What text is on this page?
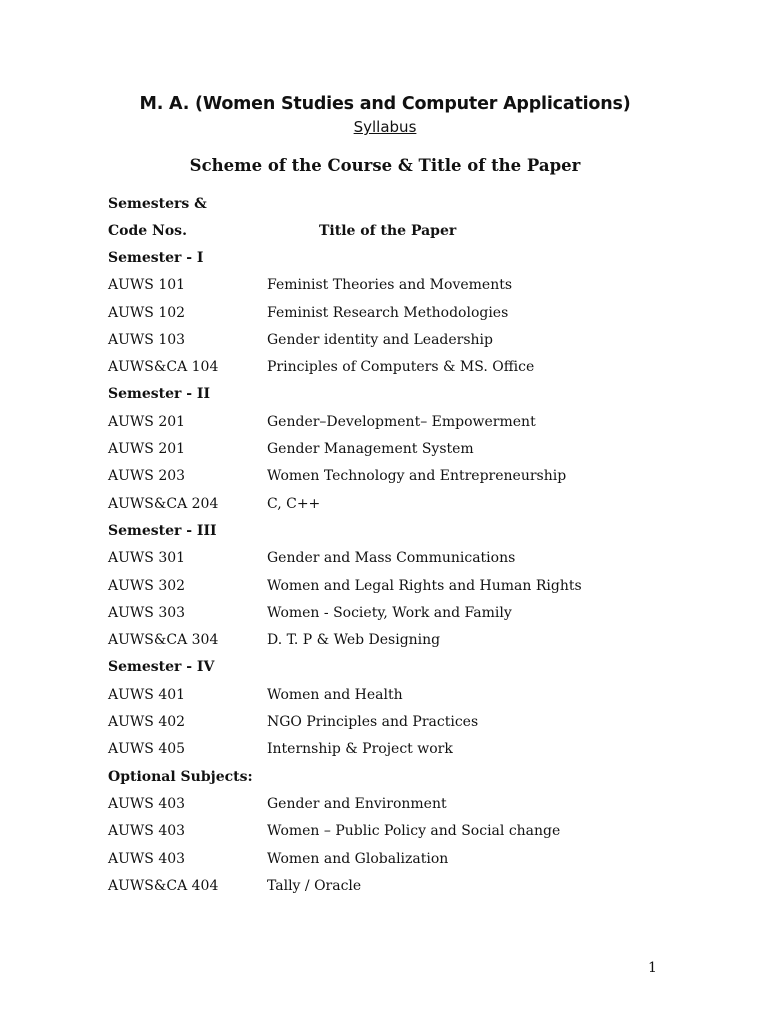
M. A. (Women Studies and Computer Applications)
Syllabus
Scheme of the Course & Title of the Paper
Semesters &
Code Nos.	Title of the Paper
Semester - I
AUWS 101	Feminist Theories and Movements
AUWS 102	Feminist Research Methodologies
AUWS 103	Gender identity and Leadership
AUWS&CA 104	Principles of Computers & MS. Office
Semester - II
AUWS 201	Gender–Development– Empowerment
AUWS 201	Gender Management System
AUWS 203	Women Technology and Entrepreneurship
AUWS&CA 204	C, C++
Semester - III
AUWS 301	Gender and Mass Communications
AUWS 302	Women and Legal Rights and Human Rights
AUWS 303	Women - Society, Work and Family
AUWS&CA 304	D. T. P & Web Designing
Semester - IV
AUWS 401	Women and Health
AUWS 402	NGO Principles and Practices
AUWS 405	Internship & Project work
Optional Subjects:
AUWS 403	Gender and Environment
AUWS 403	Women – Public Policy and Social change
AUWS 403	Women and Globalization
AUWS&CA 404	Tally / Oracle
1
